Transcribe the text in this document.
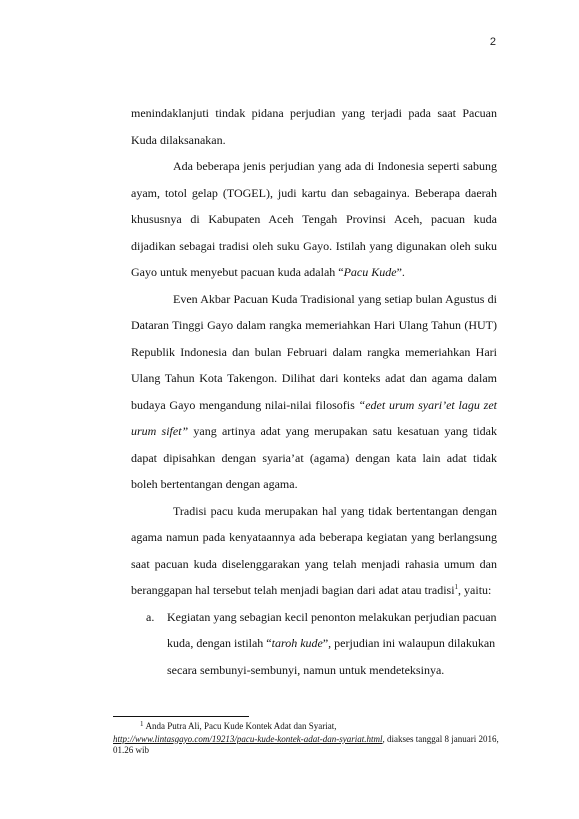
2

menindaklanjuti tindak pidana perjudian yang terjadi pada saat Pacuan Kuda dilaksanakan.

Ada beberapa jenis perjudian yang ada di Indonesia seperti sabung ayam, totol gelap (TOGEL), judi kartu dan sebagainya. Beberapa daerah khususnya di Kabupaten Aceh Tengah Provinsi Aceh, pacuan kuda dijadikan sebagai tradisi oleh suku Gayo. Istilah yang digunakan oleh suku Gayo untuk menyebut pacuan kuda adalah “Pacu Kude”.

Even Akbar Pacuan Kuda Tradisional yang setiap bulan Agustus di Dataran Tinggi Gayo dalam rangka memeriahkan Hari Ulang Tahun (HUT) Republik Indonesia dan bulan Februari dalam rangka memeriahkan Hari Ulang Tahun Kota Takengon. Dilihat dari konteks adat dan agama dalam budaya Gayo mengandung nilai-nilai filosofis “edet urum syari’et lagu zet urum sifet” yang artinya adat yang merupakan satu kesatuan yang tidak dapat dipisahkan dengan syaria’at (agama) dengan kata lain adat tidak boleh bertentangan dengan agama.

Tradisi pacu kuda merupakan hal yang tidak bertentangan dengan agama namun pada kenyataannya ada beberapa kegiatan yang berlangsung saat pacuan kuda diselenggarakan yang telah menjadi rahasia umum dan beranggapan hal tersebut telah menjadi bagian dari adat atau tradisi$^1$, yaitu:

a. Kegiatan yang sebagian kecil penonton melakukan perjudian pacuan kuda, dengan istilah “taroh kude”, perjudian ini walaupun dilakukan secara sembunyi-sembunyi, namun untuk mendeteksinya.

$^1$ Anda Putra Ali, Pacu Kude Kontek Adat dan Syariat,
http://www.lintasgayo.com/19213/pacu-kude-kontek-adat-dan-syariat.html, diakses tanggal 8 januari 2016, 01.26 wib
